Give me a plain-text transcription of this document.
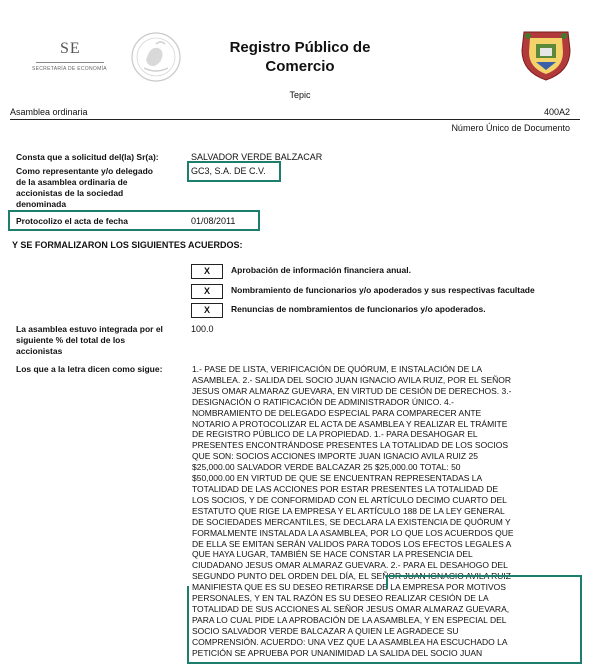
SE
SECRETARÍA DE ECONOMÍA
Registro Público de
Comercio
Tepic
Asamblea ordinaria	400A2
Número Único de Documento
Consta que a solicitud del(la) Sr(a):	SALVADOR VERDE BALZACAR
Como representante y/o delegado
de la asamblea ordinaria de
accionistas de la sociedad
denominada
GC3, S.A. DE C.V.
Protocolizo el acta de fecha	01/08/2011
Y SE FORMALIZARON LOS SIGUIENTES ACUERDOS:
X	Aprobación de información financiera anual.
X	Nombramiento de funcionarios y/o apoderados y sus respectivas facultade
X	Renuncias de nombramientos de funcionarios y/o apoderados.
La asamblea estuvo integrada por el
siguiente % del total de los
accionistas
100.0
Los que a la letra dicen como sigue:	1.- PASE DE LISTA, VERIFICACIÓN DE QUÓRUM, E INSTALACIÓN DE LA
ASAMBLEA. 2.- SALIDA DEL SOCIO JUAN IGNACIO AVILA RUIZ, POR EL SEÑOR
JESUS OMAR ALMARAZ GUEVARA, EN VIRTUD DE CESIÓN DE DERECHOS. 3.-
DESIGNACIÓN O RATIFICACIÓN DE ADMINISTRADOR ÚNICO. 4.-
NOMBRAMIENTO DE DELEGADO ESPECIAL PARA COMPARECER ANTE
NOTARIO A PROTOCOLIZAR EL ACTA DE ASAMBLEA Y REALIZAR EL TRÁMITE
DE REGISTRO PÚBLICO DE LA PROPIEDAD. 1.- PARA DESAHOGAR EL
PRESENTES ENCONTRÁNDOSE PRESENTES LA TOTALIDAD DE LOS SOCIOS
QUE SON: SOCIOS ACCIONES IMPORTE JUAN IGNACIO AVILA RUIZ 25
$25,000.00 SALVADOR VERDE BALCAZAR 25 $25,000.00 TOTAL: 50
$50,000.00 EN VIRTUD DE QUE SE ENCUENTRAN REPRESENTADAS LA
TOTALIDAD DE LAS ACCIONES POR ESTAR PRESENTES LA TOTALIDAD DE
LOS SOCIOS, Y DE CONFORMIDAD CON EL ARTÍCULO DECIMO CUARTO DEL
ESTATUTO QUE RIGE LA EMPRESA Y EL ARTÍCULO 188 DE LA LEY GENERAL
DE SOCIEDADES MERCANTILES, SE DECLARA LA EXISTENCIA DE QUÓRUM Y
FORMALMENTE INSTALADA LA ASAMBLEA, POR LO QUE LOS ACUERDOS QUE
DE ELLA SE EMITAN SERÁN VALIDOS PARA TODOS LOS EFECTOS LEGALES A
QUE HAYA LUGAR, TAMBIÉN SE HACE CONSTAR LA PRESENCIA DEL
CIUDADANO JESUS OMAR ALMARAZ GUEVARA. 2.- PARA EL DESAHOGO DEL
SEGUNDO PUNTO DEL ORDEN DEL DÍA, EL SEÑOR JUAN IGNACIO AVILA RUIZ
MANIFIESTA QUE ES SU DESEO RETIRARSE DE LA EMPRESA POR MOTIVOS
PERSONALES, Y EN TAL RAZÓN ES SU DESEO REALIZAR CESIÓN DE LA
TOTALIDAD DE SUS ACCIONES AL SEÑOR JESUS OMAR ALMARAZ GUEVARA,
PARA LO CUAL PIDE LA APROBACIÓN DE LA ASAMBLEA, Y EN ESPECIAL DEL
SOCIO SALVADOR VERDE BALCAZAR A QUIEN LE AGRADECE SU
COMPRENSIÓN. ACUERDO: UNA VEZ QUE LA ASAMBLEA HA ESCUCHADO LA
PETICIÓN SE APRUEBA POR UNANIMIDAD LA SALIDA DEL SOCIO JUAN
